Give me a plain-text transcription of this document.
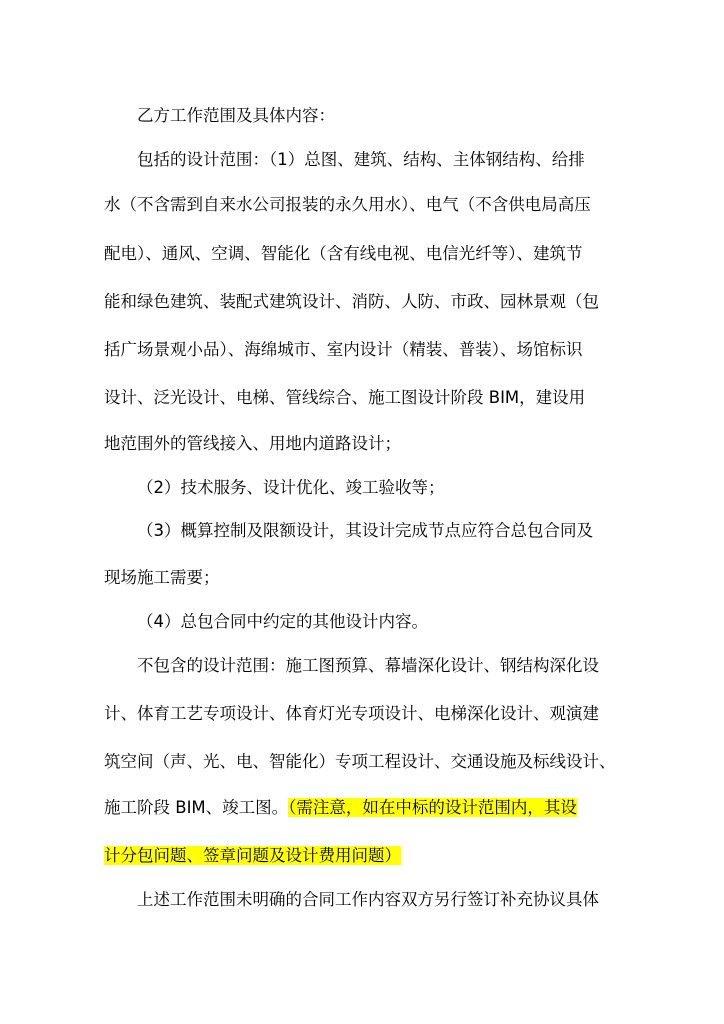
乙方工作范围及具体内容：
包括的设计范围：（1）总图、建筑、结构、主体钢结构、给排
水（不含需到自来水公司报装的永久用水）、电气（不含供电局高压
配电）、通风、空调、智能化（含有线电视、电信光纤等）、建筑节
能和绿色建筑、装配式建筑设计、消防、人防、市政、园林景观（包
括广场景观小品）、海绵城市、室内设计（精装、普装）、场馆标识
设计、泛光设计、电梯、管线综合、施工图设计阶段 BIM，建设用
地范围外的管线接入、用地内道路设计；
（2）技术服务、设计优化、竣工验收等；
（3）概算控制及限额设计，其设计完成节点应符合总包合同及
现场施工需要；
（4）总包合同中约定的其他设计内容。
不包含的设计范围：施工图预算、幕墙深化设计、钢结构深化设
计、体育工艺专项设计、体育灯光专项设计、电梯深化设计、观演建
筑空间（声、光、电、智能化）专项工程设计、交通设施及标线设计、
施工阶段 BIM、竣工图。（需注意，如在中标的设计范围内，其设
计分包问题、签章问题及设计费用问题）
上述工作范围未明确的合同工作内容双方另行签订补充协议具体
